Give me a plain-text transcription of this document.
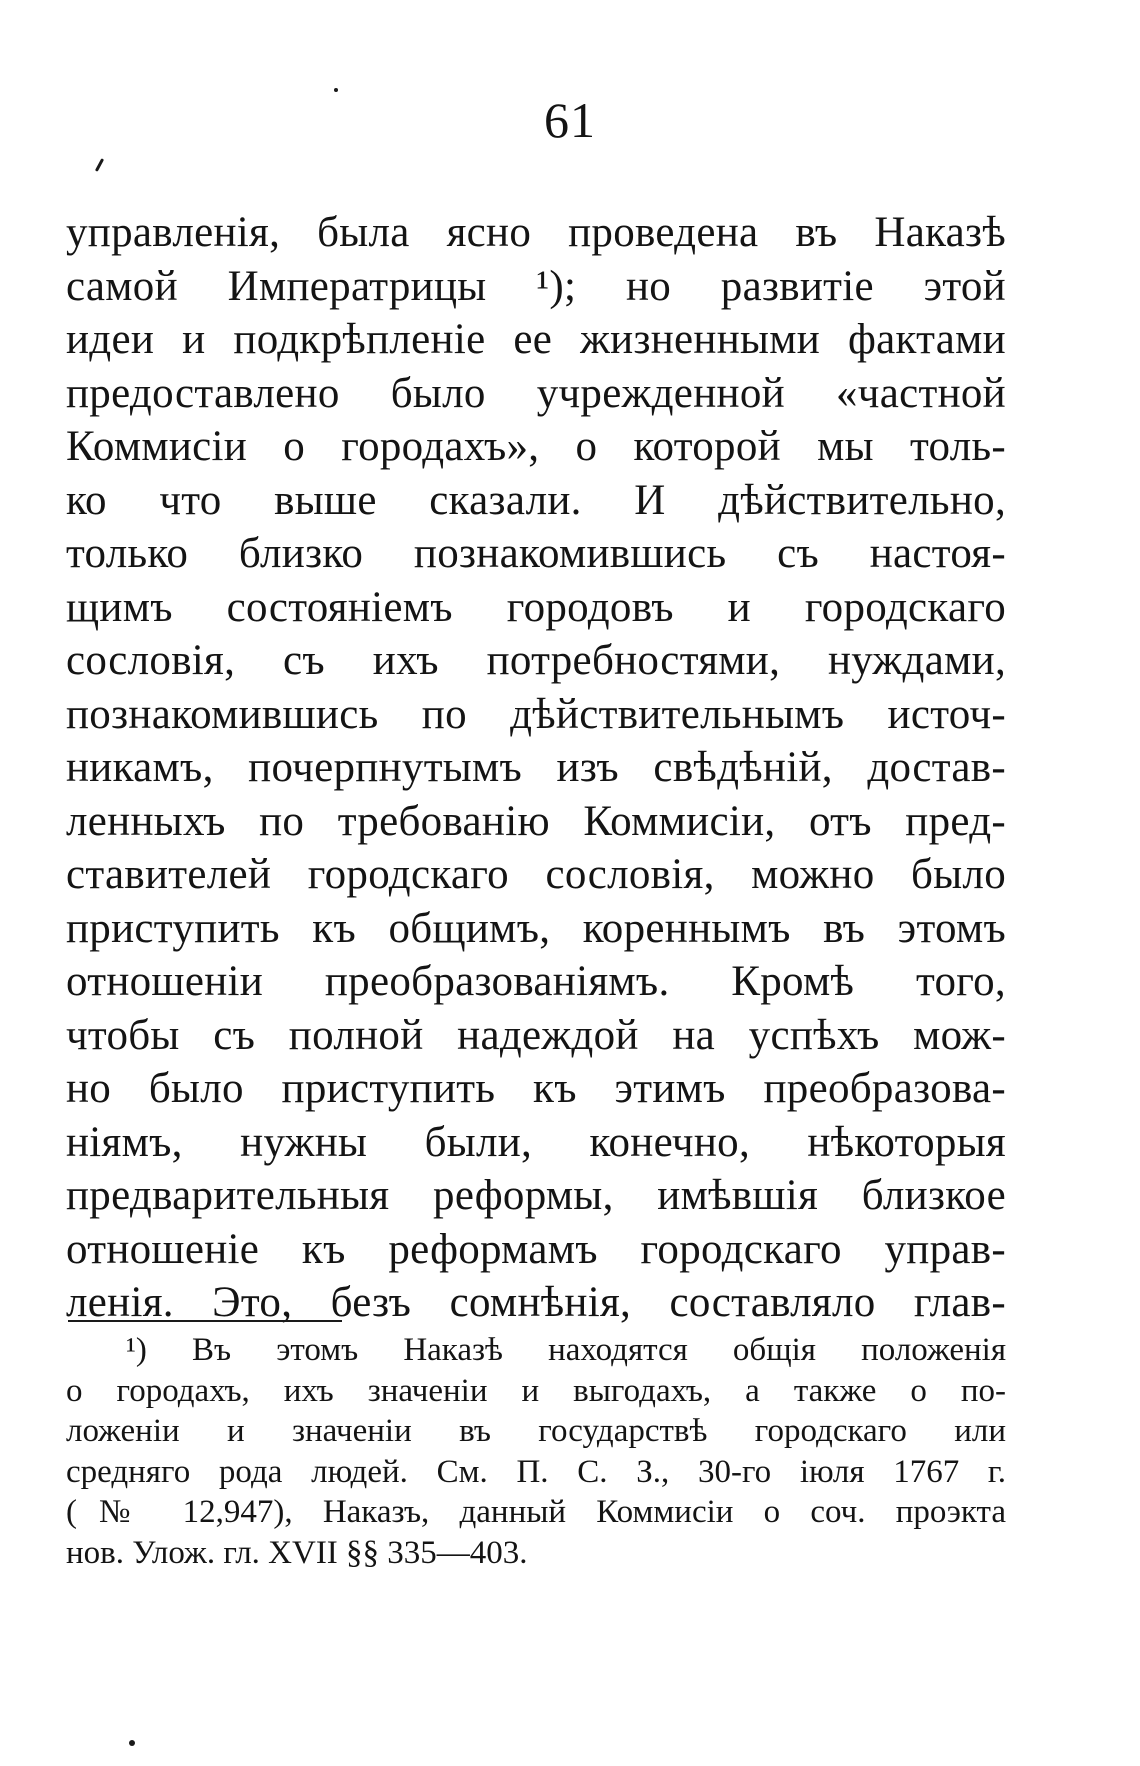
61
управленія, была ясно проведена въ Наказѣ
самой Императрицы ¹); но развитіе этой
идеи и подкрѣпленіе ее жизненными фактами
предоставлено было учрежденной «частной
Коммисіи о городахъ», о которой мы толь-
ко что выше сказали. И дѣйствительно,
только близко познакомившись съ настоя-
щимъ состояніемъ городовъ и городскаго
сословія, съ ихъ потребностями, нуждами,
познакомившись по дѣйствительнымъ источ-
никамъ, почерпнутымъ изъ свѣдѣній, достав-
ленныхъ по требованію Коммисіи, отъ пред-
ставителей городскаго сословія, можно было
приступить къ общимъ, кореннымъ въ этомъ
отношеніи преобразованіямъ. Кромѣ того,
чтобы съ полной надеждой на успѣхъ мож-
но было приступить къ этимъ преобразова-
ніямъ, нужны были, конечно, нѣкоторыя
предварительныя реформы, имѣвшія близкое
отношеніе къ реформамъ городскаго управ-
ленія. Это, безъ сомнѣнія, составляло глав-
¹) Въ этомъ Наказѣ находятся общія положенія
о городахъ, ихъ значеніи и выгодахъ, а также о по-
ложеніи и значеніи въ государствѣ городскаго или
средняго рода людей. См. П. С. З., 30-го іюля 1767 г.
(№ 12,947), Наказъ, данный Коммисіи о соч. проэкта
нов. Улож. гл. XVII §§ 335—403.
